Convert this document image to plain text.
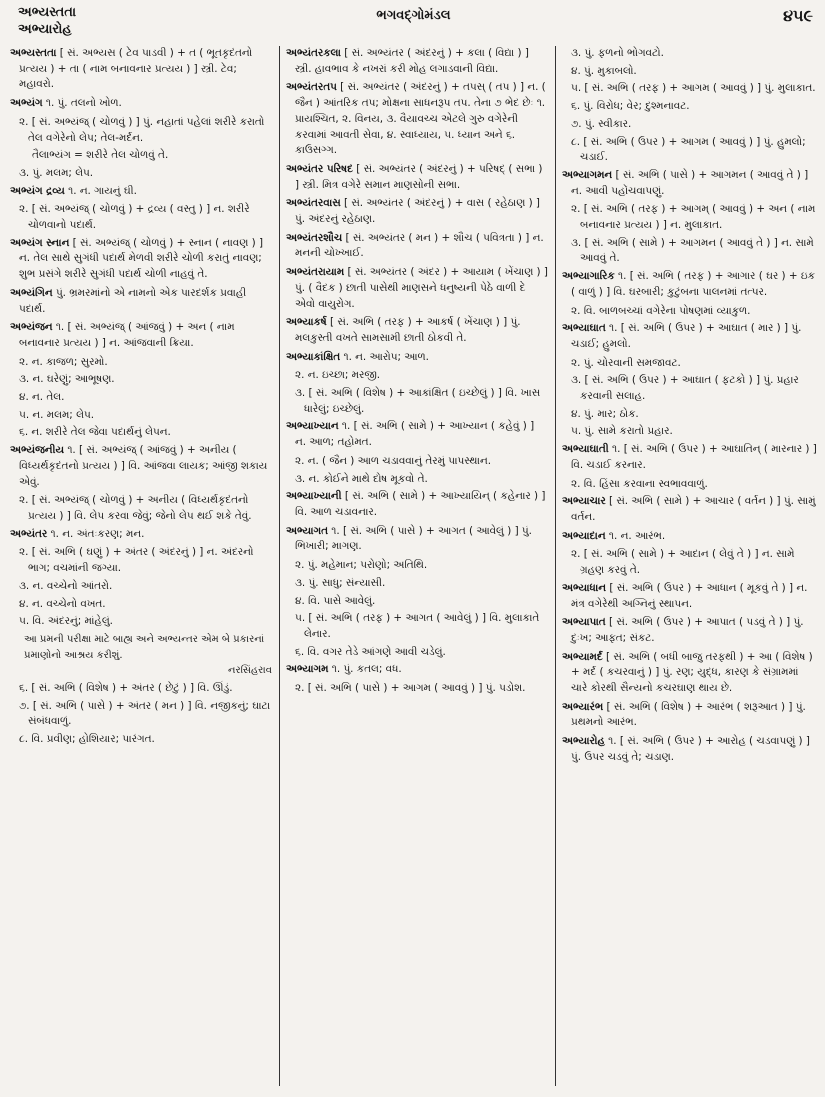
અભ્યસ્તતા
અભ્યારોહ
ભગવદ્ગોમંડલ	૪૫૯
અભ્યસ્તતા [ સં. અભ્યસ ( ટેવ પાડવી ) + ત ( ભૂતકૃદંતનો પ્રત્યય ) + તા ( નામ બનાવનાર પ્રત્યય ) ] સ્ત્રી. ટેવ; મહાવરો.
અભ્યંગ ૧. પું. તલનો ખોળ.
૨. [ સં. અભ્યંજ્ ( ચોળવું ) ] પું. નહાતાં પહેલાં શરીરે કરાતો તેલ વગેરેનો લેપ; તેલ-મર્દન.
તૈલાભ્યંગ = શરીરે તેલ ચોળવું તે.
૩. પું. મલમ; લેપ.
અભ્યંગ દ્રવ્ય ૧. ન. ગાયનું ઘી.
૨. [ સં. અભ્યંજ્ ( ચોળવું ) + દ્રવ્ય ( વસ્તુ ) ] ન. શરીરે ચોળવાનો પદાર્થ.
અભ્યંગ સ્નાન [ સં. અભ્યંજ્ ( ચોળવું ) + સ્નાન ( નાવણ ) ] ન. તેલ સાથે સુગંધી પદાર્થ મેળવી શરીરે ચોળી કરાતું નાવણ; શુભ પ્રસંગે શરીરે સુગંધી પદાર્થ ચોળી નાહવું તે.
અભ્યંગિન પું. ભ્રમરમાંનો એ નામનો એક પારદર્શક પ્રવાહી પદાર્થ.
અભ્યંજન ૧. [ સં. અભ્યંજ્ ( આંજવું ) + અન ( નામ બનાવનાર પ્રત્યય ) ] ન. આંજવાની ક્રિયા.
૨. ન. કાજળ; સુરમો.
૩. ન. ઘરેણું; આભૂષણ.
૪. ન. તેલ.
૫. ન. મલમ; લેપ.
૬. ન. શરીરે તેલ જેવા પદાર્થનું લેપન.
અભ્યંજનીય ૧. [ સં. અભ્યંજ્ ( આંજવું ) + અનીય ( વિધ્યર્થકૃદંતનો પ્રત્યય ) ] વિ. આંજવા લાયક; આંજી શકાય એવું.
૨. [ સં. અભ્યંજ્ ( ચોળવું ) + અનીય ( વિધ્યર્થકૃદંતનો પ્રત્યય ) ] વિ. લેપ કરવા જેવું; જેનો લેપ થઈ શકે તેવું.
અભ્યંતર ૧. ન. અંતઃકરણ; મન.
૨. [ સં. અભિ ( ઘણું ) + અંતર ( અંદરનું ) ] ન. અંદરનો ભાગ; વચમાંની જગ્યા.
૩. ન. વચ્ચેનો આંતરો.
૪. ન. વચ્ચેનો વખત.
૫. વિ. અંદરનું; માંહેલું.
આ પ્રમની પરીક્ષા માટે બાહ્ય અને અભ્યન્તર એમ બે પ્રકારનાં પ્રમાણોનો આશ્રય કરીશું.
નરસિંહરાવ
૬. [ સં. અભિ ( વિશેષ ) + અંતર ( છેટું ) ] વિ. ઊંડું.
૭. [ સં. અભિ ( પાસે ) + અંતર ( મન ) ] વિ. નજીકનું; ઘાટા સંબંધવાળું.
૮. વિ. પ્રવીણ; હોશિયાર; પારંગત.
અભ્યંતરકલા [ સં. અભ્યંતર ( અંદરનું ) + કલા ( વિદ્યા ) ] સ્ત્રી. હાવભાવ કે નખરાં કરી મોહ લગાડવાની વિદ્યા.
અભ્યંતરતપ [ સં. અભ્યંતર ( અંદરનું ) + તપસ્ ( તપ ) ] ન. ( જૈન ) આંતરિક તપ; મોક્ષના સાધનરૂપ તપ. તેના ૭ ભેદ છેઃ ૧. પ્રાયશ્ચિત, ૨. વિનય, ૩. વૈયાવચ્ચ એટલે ગુરુ વગેરેની કરવામાં આવતી સેવા, ૪. સ્વાધ્યાય, ૫. ધ્યાન અને ૬. કાઉસગ્ગ.
અભ્યંતર પરિષદ [ સં. અભ્યંતર ( અંદરનું ) + પરિષદ્ ( સભા ) ] સ્ત્રી. મિત્ર વગેરે સમાન માણસોની સભા.
અભ્યંતરવાસ [ સં. અભ્યંતર ( અંદરનું ) + વાસ ( રહેઠાણ ) ] પું. અંદરનું રહેઠાણ.
અભ્યંતરશૌચ [ સં. અભ્યંતર ( મન ) + શૌચ ( પવિત્રતા ) ] ન. મનની ચોખ્ખાઈ.
અભ્યંતરાયામ [ સં. અભ્યંતર ( અંદર ) + આયામ ( ખેંચાણ ) ] પું. ( વૈદક ) છાતી પાસેથી માણસને ધનુષ્યની પેઠે વાળી દે એવો વાયુરોગ.
અભ્યાકર્ષ [ સં. અભિ ( તરફ ) + આકર્ષ ( ખેંચાણ ) ] પું. મલકુસ્તી વખતે સામસામી છાતી ઠોકવી તે.
અભ્યાકાંક્ષિત ૧. ન. આરોપ; આળ.
૨. ન. ઇચ્છા; મરજી.
૩. [ સં. અભિ ( વિશેષ ) + આકાંક્ષિત ( ઇચ્છેલું ) ] વિ. ખાસ ધારેલું; ઇચ્છેલું.
અભ્યાખ્યાન ૧. [ સં. અભિ ( સામે ) + આખ્યાન ( કહેવું ) ] ન. આળ; તહોમત.
૨. ન. ( જૈન ) આળ ચડાવવાનું તેરમું પાપસ્થાન.
૩. ન. કોઈને માથે દોષ મૂકવો તે.
અભ્યાખ્યાની [ સં. અભિ ( સામે ) + આખ્યાયિન્ ( કહેનાર ) ] વિ. આળ ચડાવનાર.
અભ્યાગત ૧. [ સં. અભિ ( પાસે ) + આગત ( આવેલું ) ] પું. ભિખારી; માગણ.
૨. પું. મહેમાન; પરોણો; અતિથિ.
૩. પું. સાધુ; સંન્યાસી.
૪. વિ. પાસે આવેલું.
૫. [ સં. અભિ ( તરફ ) + આગત ( આવેલું ) ] વિ. મુલાકાતે લેનાર.
૬. વિ. વગર તેડે આંગણે આવી ચડેલું.
અભ્યાગમ ૧. પું. કતલ; વધ.
૨. [ સં. અભિ ( પાસે ) + આગમ ( આવવું ) ] પું. પડોશ.
૩. પું. ફળનો ભોગવટો.
૪. પું. મુકાબલો.
૫. [ સં. અભિ ( તરફ ) + આગમ ( આવવું ) ] પું. મુલાકાત.
૬. પું. વિરોધ; વેર; દુશ્મનાવટ.
૭. પું. સ્વીકાર.
૮. [ સં. અભિ ( ઉપર ) + આગમ ( આવવું ) ] પું. હુમલો; ચડાઈ.
અભ્યાગમન [ સં. અભિ ( પાસે ) + આગમન ( આવવું તે ) ] ન. આવી પહોંચવાપણું.
૨. [ સં. અભિ ( તરફ ) + આગમ્ ( આવવું ) + અન ( નામ બનાવનાર પ્રત્યય ) ] ન. મુલાકાત.
૩. [ સં. અભિ ( સામે ) + આગમન ( આવવું તે ) ] ન. સામે આવવું તે.
અભ્યાગારિક ૧. [ સં. અભિ ( તરફ ) + આગાર ( ઘર ) + ઇક ( વાળું ) ] વિ. ઘરબારી; કુટુંબના પાલનમાં તત્પર.
૨. વિ. બાળબચ્ચાં વગેરેના પોષણમાં વ્યાકુળ.
અભ્યાઘાત ૧. [ સં. અભિ ( ઉપર ) + આઘાત ( માર ) ] પું. ચડાઈ; હુમલો.
૨. પું. ચોરવાની સમજાવટ.
૩. [ સં. અભિ ( ઉપર ) + આઘાત ( ફટકો ) ] પું. પ્રહાર કરવાની સલાહ.
૪. પું. માર; ઠોક.
૫. પું. સામે કરાતો પ્રહાર.
અભ્યાઘાતી ૧. [ સં. અભિ ( ઉપર ) + આઘાતિન્ ( મારનાર ) ] વિ. ચડાઈ કરનાર.
૨. વિ. હિંસા કરવાના સ્વભાવવાળું.
અભ્યાચાર [ સં. અભિ ( સામે ) + આચાર ( વર્તન ) ] પું. સામું વર્તન.
અભ્યાદાન ૧. ન. આરંભ.
૨. [ સં. અભિ ( સામે ) + આદાન ( લેવું તે ) ] ન. સામે ગ્રહણ કરવું તે.
અભ્યાધાન [ સં. અભિ ( ઉપર ) + આધાન ( મૂકવું તે ) ] ન. મંત્ર વગેરેથી અગ્નિનું સ્થાપન.
અભ્યાપાત [ સં. અભિ ( ઉપર ) + આપાત ( પડવું તે ) ] પું. દુઃખ; આફત; સંકટ.
અભ્યામર્દ [ સં. અભિ ( બધી બાજુ તરફથી ) + આ ( વિશેષ ) + મર્દ ( કચરવાનું ) ] પું. રણ; યુદ્ધ, કારણ કે સંગ્રામમાં ચારે કોરથી સૈન્યનો કચરઘાણ થાય છે.
અભ્યારંભ [ સં. અભિ ( વિશેષ ) + આરંભ ( શરૂઆત ) ] પું. પ્રથમનો આરંભ.
અભ્યારોહ ૧. [ સં. અભિ ( ઉપર ) + આરોહ ( ચડવાપણું ) ] પું. ઉપર ચડવું તે; ચડાણ.
